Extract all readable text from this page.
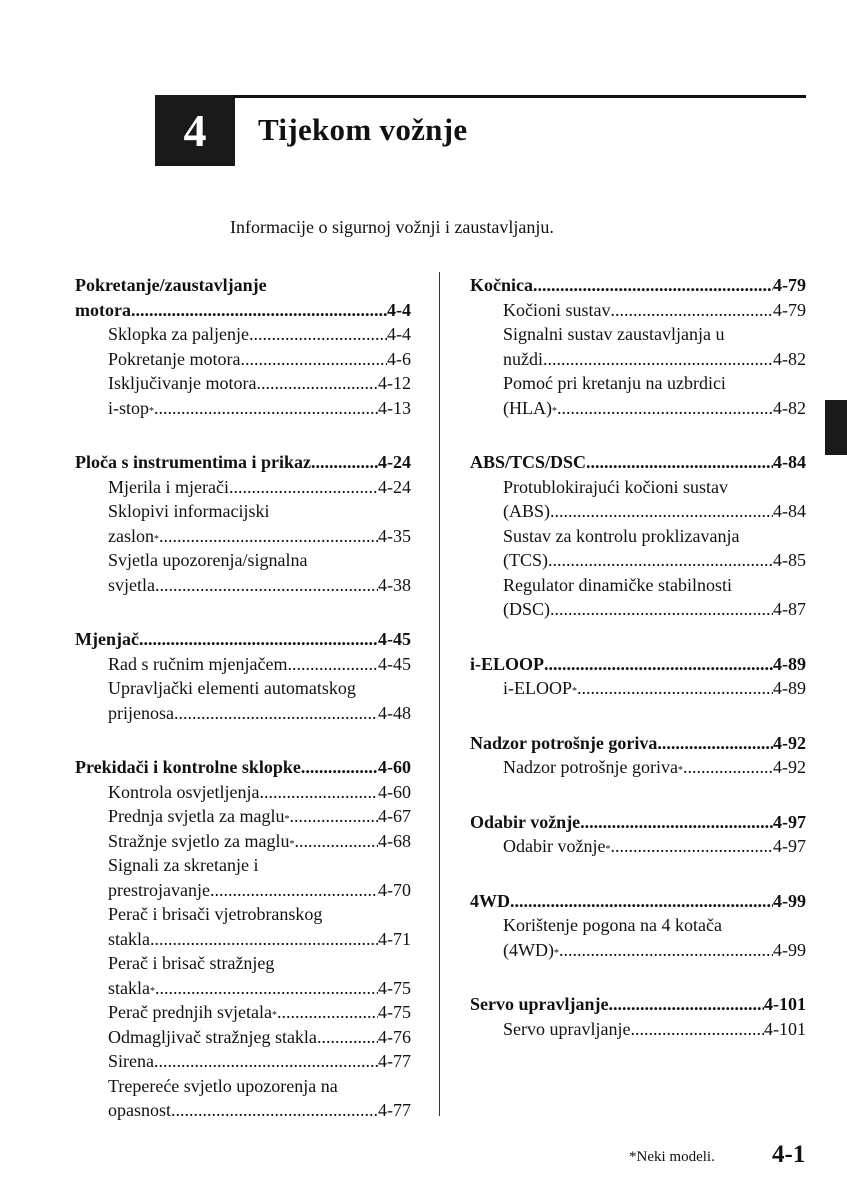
4 Tijekom vožnje
Informacije o sigurnoj vožnji i zaustavljanju.
Pokretanje/zaustavljanje
motora .....	4-4
Sklopka za paljenje .....	4-4
Pokretanje motora .....	4-6
Isključivanje motora .....	4-12
i-stop * .....	4-13
Ploča s instrumentima i prikaz .....	4-24
Mjerila i mjerači .....	4-24
Sklopivi informacijski
zaslon * .....	4-35
Svjetla upozorenja/signalna
svjetla .....	4-38
Mjenjač .....	4-45
Rad s ručnim mjenjačem .....	4-45
Upravljački elementi automatskog
prijenosa .....	4-48
Prekidači i kontrolne sklopke .....	4-60
Kontrola osvjetljenja .....	4-60
Prednja svjetla za maglu * .....	4-67
Stražnje svjetlo za maglu * .....	4-68
Signali za skretanje i
prestrojavanje .....	4-70
Perač i brisači vjetrobranskog
stakla .....	4-71
Perač i brisač stražnjeg
stakla * .....	4-75
Perač prednjih svjetala * .....	4-75
Odmagljivač stražnjeg stakla .....	4-76
Sirena .....	4-77
Trepereće svjetlo upozorenja na
opasnost .....	4-77
Kočnica .....	4-79
Kočioni sustav .....	4-79
Signalni sustav zaustavljanja u
nuždi .....	4-82
Pomoć pri kretanju na uzbrdici
(HLA) * .....	4-82
ABS/TCS/DSC .....	4-84
Protublokirajući kočioni sustav
(ABS) .....	4-84
Sustav za kontrolu proklizavanja
(TCS) .....	4-85
Regulator dinamičke stabilnosti
(DSC) .....	4-87
i-ELOOP .....	4-89
i-ELOOP * .....	4-89
Nadzor potrošnje goriva .....	4-92
Nadzor potrošnje goriva * .....	4-92
Odabir vožnje .....	4-97
Odabir vožnje * .....	4-97
4WD .....	4-99
Korištenje pogona na 4 kotača
(4WD) * .....	4-99
Servo upravljanje .....	4-101
Servo upravljanje .....	4-101
*Neki modeli. 4-1
